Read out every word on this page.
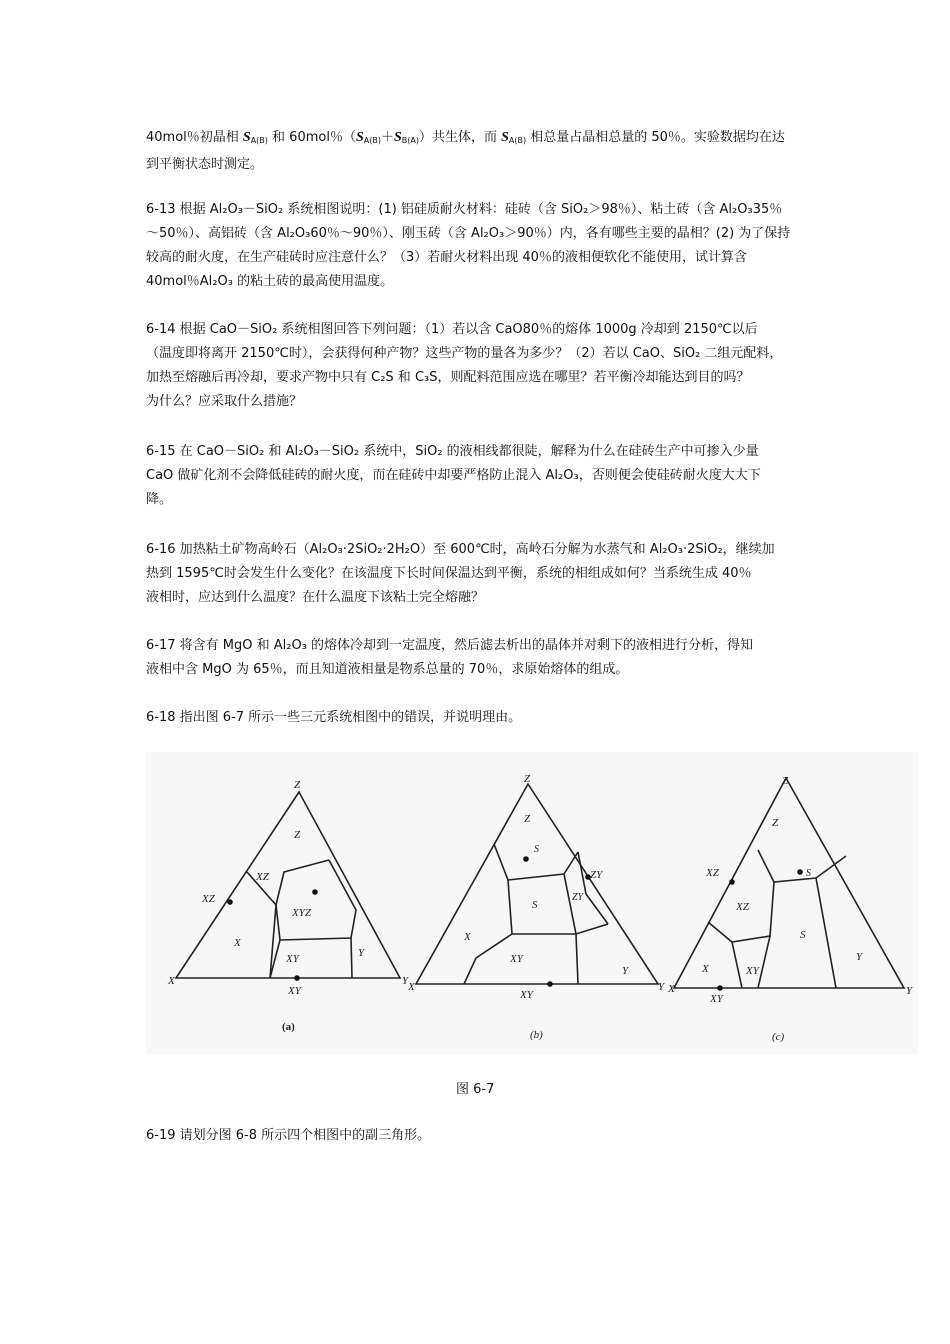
40mol％初晶相 $S_{A(B)}$ 和 60mol％$(S_{A(B)}+S_{B(A)})$共生体，而 $S_{A(B)}$ 相总量占晶相总量的 50％。实验数据均在达
到平衡状态时测定。
6-13 根据 Al₂O₃－SiO₂ 系统相图说明：(1) 铝硅质耐火材料：硅砖（含 SiO₂＞98％）、粘土砖（含 Al₂O₃35％
～50％）、高铝砖（含 Al₂O₃60％～90％）、刚玉砖（含 Al₂O₃＞90％）内，各有哪些主要的晶相？(2) 为了保持
较高的耐火度，在生产硅砖时应注意什么？（3）若耐火材料出现 40％的液相便软化不能使用，试计算含
40mol％Al₂O₃ 的粘土砖的最高使用温度。
6-14 根据 CaO－SiO₂ 系统相图回答下列问题：（1）若以含 CaO80％的熔体 1000g 冷却到 2150℃以后
（温度即将离开 2150℃时），会获得何种产物？这些产物的量各为多少？（2）若以 CaO、SiO₂ 二组元配料，
加热至熔融后再冷却，要求产物中只有 C₂S 和 C₃S，则配料范围应选在哪里？若平衡冷却能达到目的吗？
为什么？应采取什么措施？
6-15 在 CaO－SiO₂ 和 Al₂O₃－SiO₂ 系统中，SiO₂ 的液相线都很陡，解释为什么在硅砖生产中可掺入少量
CaO 做矿化剂不会降低硅砖的耐火度，而在硅砖中却要严格防止混入 Al₂O₃，否则便会使硅砖耐火度大大下
降。
6-16 加热粘土矿物高岭石（Al₂O₃·2SiO₂·2H₂O）至 600℃时，高岭石分解为水蒸气和 Al₂O₃·2SiO₂，继续加
热到 1595℃时会发生什么变化？在该温度下长时间保温达到平衡，系统的相组成如何？当系统生成 40％
液相时，应达到什么温度？在什么温度下该粘土完全熔融？
6-17 将含有 MgO 和 Al₂O₃ 的熔体冷却到一定温度，然后滤去析出的晶体并对剩下的液相进行分析，得知
液相中含 MgO 为 65％，而且知道液相量是物系总量的 70％，求原始熔体的组成。
6-18 指出图 6-7 所示一些三元系统相图中的错误，并说明理由。
Z
X	Y
Z
XZ
XYZ
X
XY	Y
XZ
XY
(a)
Z
X	Y
Z
S
S
ZY
X
XY
Y
ZY
XY
(b)
Z
X	Y
Z
S
XZ
S
X	XY
Y
XZ
XY
(c)
图 6-7
6-19 请划分图 6-8 所示四个相图中的副三角形。
